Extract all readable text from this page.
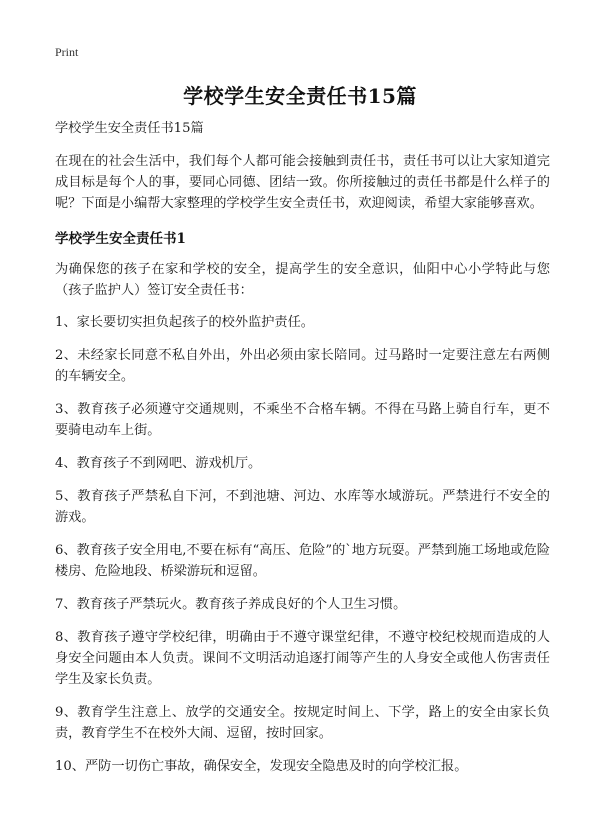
Print
学校学生安全责任书15篇

学校学生安全责任书15篇

在现在的社会生活中，我们每个人都可能会接触到责任书，责任书可以让大家知道完成目标是每个人的事，要同心同德、团结一致。你所接触过的责任书都是什么样子的呢？下面是小编帮大家整理的学校学生安全责任书，欢迎阅读，希望大家能够喜欢。

学校学生安全责任书1

为确保您的孩子在家和学校的安全，提高学生的安全意识，仙阳中心小学特此与您（孩子监护人）签订安全责任书：

1、家长要切实担负起孩子的校外监护责任。

2、未经家长同意不私自外出，外出必须由家长陪同。过马路时一定要注意左右两侧的车辆安全。

3、教育孩子必须遵守交通规则，不乘坐不合格车辆。不得在马路上骑自行车，更不要骑电动车上街。

4、教育孩子不到网吧、游戏机厅。

5、教育孩子严禁私自下河，不到池塘、河边、水库等水域游玩。严禁进行不安全的游戏。

6、教育孩子安全用电,不要在标有“高压、危险”的`地方玩耍。严禁到施工场地或危险楼房、危险地段、桥梁游玩和逗留。

7、教育孩子严禁玩火。教育孩子养成良好的个人卫生习惯。

8、教育孩子遵守学校纪律，明确由于不遵守课堂纪律，不遵守校纪校规而造成的人身安全问题由本人负责。课间不文明活动追逐打闹等产生的人身安全或他人伤害责任学生及家长负责。

9、教育学生注意上、放学的交通安全。按规定时间上、下学，路上的安全由家长负责，教育学生不在校外大闹、逗留，按时回家。

10、严防一切伤亡事故，确保安全，发现安全隐患及时的向学校汇报。
